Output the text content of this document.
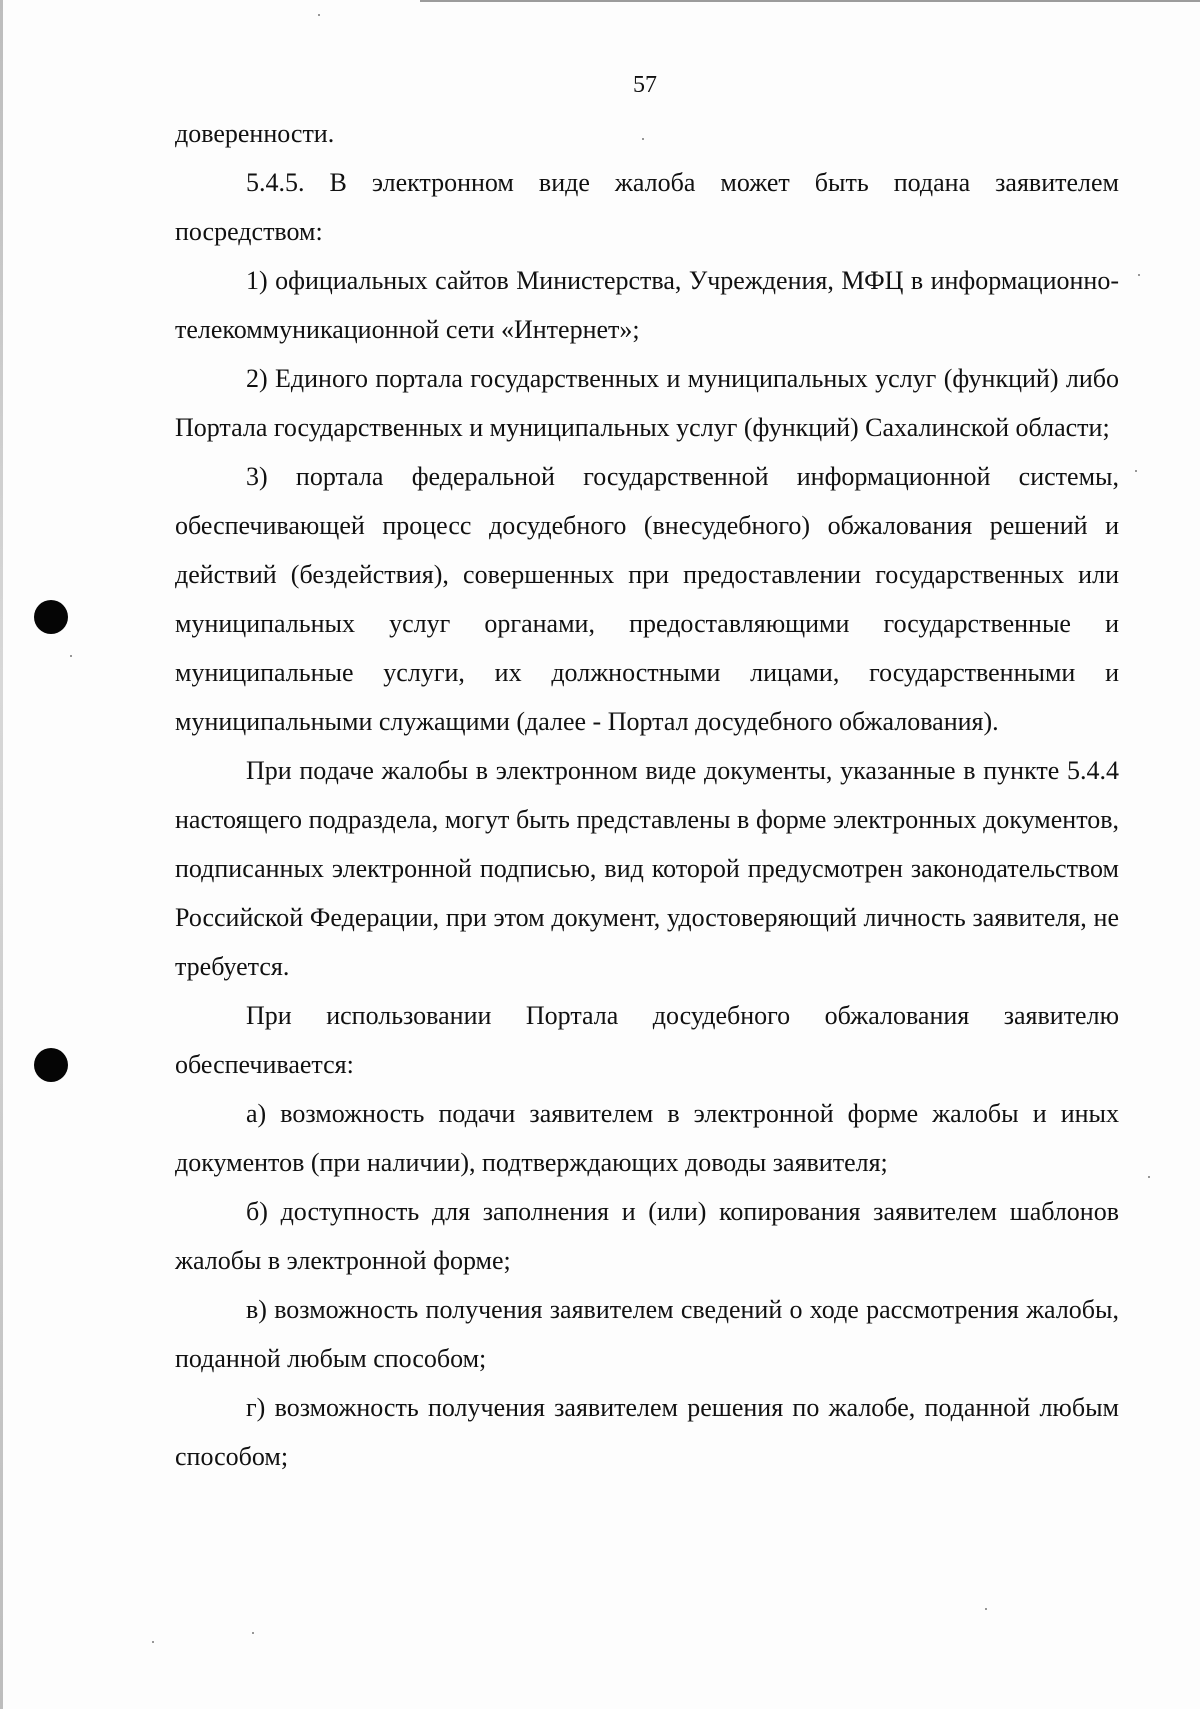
57

доверенности.

5.4.5. В электронном виде жалоба может быть подана заявителем посредством:

1) официальных сайтов Министерства, Учреждения, МФЦ в информационно-телекоммуникационной сети «Интернет»;

2) Единого портала государственных и муниципальных услуг (функций) либо Портала государственных и муниципальных услуг (функций) Сахалинской области;

3) портала федеральной государственной информационной системы, обеспечивающей процесс досудебного (внесудебного) обжалования решений и действий (бездействия), совершенных при предоставлении государственных или муниципальных услуг органами, предоставляющими государственные и муниципальные услуги, их должностными лицами, государственными и муниципальными служащими (далее - Портал досудебного обжалования).

При подаче жалобы в электронном виде документы, указанные в пункте 5.4.4 настоящего подраздела, могут быть представлены в форме электронных документов, подписанных электронной подписью, вид которой предусмотрен законодательством Российской Федерации, при этом документ, удостоверяющий личность заявителя, не требуется.

При использовании Портала досудебного обжалования заявителю обеспечивается:

а) возможность подачи заявителем в электронной форме жалобы и иных документов (при наличии), подтверждающих доводы заявителя;

б) доступность для заполнения и (или) копирования заявителем шаблонов жалобы в электронной форме;

в) возможность получения заявителем сведений о ходе рассмотрения жалобы, поданной любым способом;

г) возможность получения заявителем решения по жалобе, поданной любым способом;
